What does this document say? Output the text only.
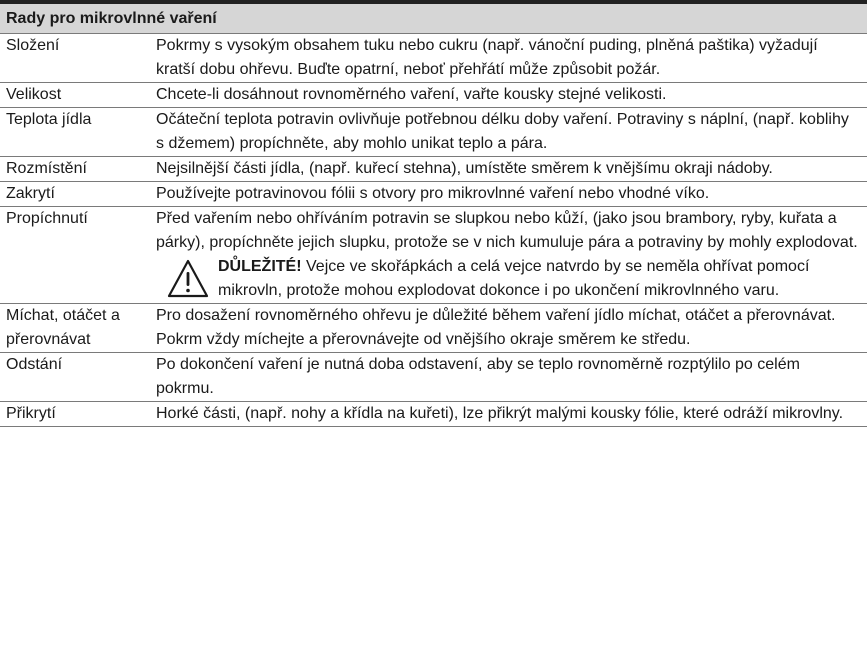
Rady pro mikrovlnné vaření	
Složení	Pokrmy s vysokým obsahem tuku nebo cukru (např. vánoční puding, plněná paštika) vyžadují kratší dobu ohřevu. Buďte opatrní, neboť přehřátí může způsobit požár.
Velikost	Chcete-li dosáhnout rovnoměrného vaření, vařte kousky stejné velikosti.
Teplota jídla	Očáteční teplota potravin ovlivňuje potřebnou délku doby vaření. Potraviny s náplní, (např. koblihy s džemem) propíchněte, aby mohlo unikat teplo a pára.
Rozmístění	Nejsilnější části jídla, (např. kuřecí stehna), umístěte směrem k vnějšímu okraji nádoby.
Zakrytí	Používejte potravinovou fólii s otvory pro mikrovlnné vaření nebo vhodné víko.
Propíchnutí	Před vařením nebo ohříváním potravin se slupkou nebo kůží, (jako jsou brambory, ryby, kuřata a párky), propíchněte jejich slupku, protože se v nich kumuluje pára a potraviny by mohly explodovat.
DŮLEŽITÉ! Vejce ve skořápkách a celá vejce natvrdo by se neměla ohřívat pomocí mikrovln, protože mohou explodovat dokonce i po ukončení mikrovlnného varu.

Míchat, otáčet a přerovnávat	Pro dosažení rovnoměrného ohřevu je důležité během vaření jídlo míchat, otáčet a přerovnávat. Pokrm vždy míchejte a přerovnávejte od vnějšího okraje směrem ke středu.
Odstání	Po dokončení vaření je nutná doba odstavení, aby se teplo rovnoměrně rozptýlilo po celém pokrmu.
Přikrytí	Horké části, (např. nohy a křídla na kuřeti), lze přikrýt malými kousky fólie, které odráží mikrovlny.
